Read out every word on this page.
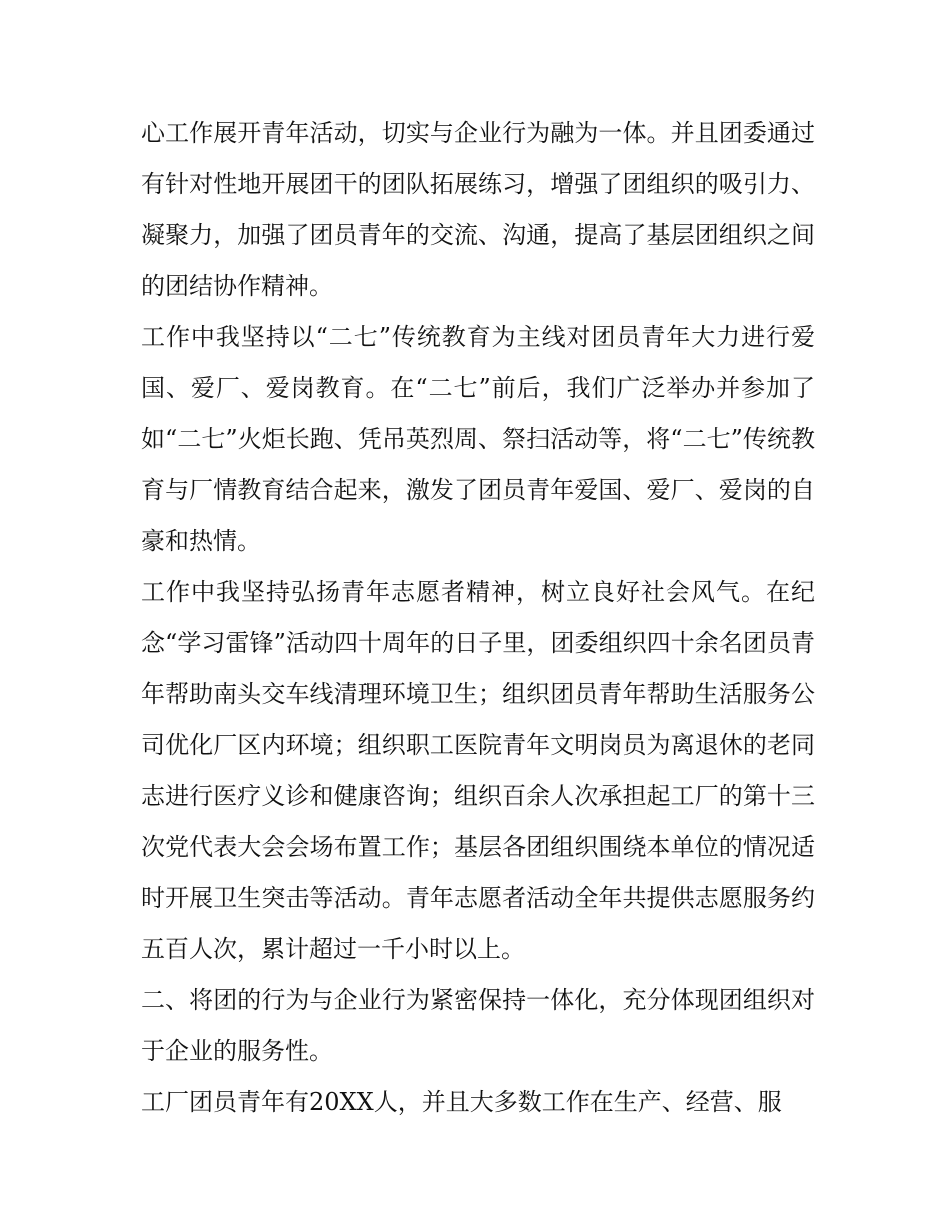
心工作展开青年活动，切实与企业行为融为一体。并且团委通过有针对性地开展团干的团队拓展练习，增强了团组织的吸引力、凝聚力，加强了团员青年的交流、沟通，提高了基层团组织之间的团结协作精神。

工作中我坚持以“二七”传统教育为主线对团员青年大力进行爱国、爱厂、爱岗教育。在“二七”前后，我们广泛举办并参加了如“二七”火炬长跑、凭吊英烈周、祭扫活动等，将“二七”传统教育与厂情教育结合起来，激发了团员青年爱国、爱厂、爱岗的自豪和热情。

工作中我坚持弘扬青年志愿者精神，树立良好社会风气。在纪念“学习雷锋”活动四十周年的日子里，团委组织四十余名团员青年帮助南头交车线清理环境卫生；组织团员青年帮助生活服务公司优化厂区内环境；组织职工医院青年文明岗员为离退休的老同志进行医疗义诊和健康咨询；组织百余人次承担起工厂的第十三次党代表大会会场布置工作；基层各团组织围绕本单位的情况适时开展卫生突击等活动。青年志愿者活动全年共提供志愿服务约五百人次，累计超过一千小时以上。

二、将团的行为与企业行为紧密保持一体化，充分体现团组织对于企业的服务性。

工厂团员青年有20XX人，并且大多数工作在生产、经营、服
